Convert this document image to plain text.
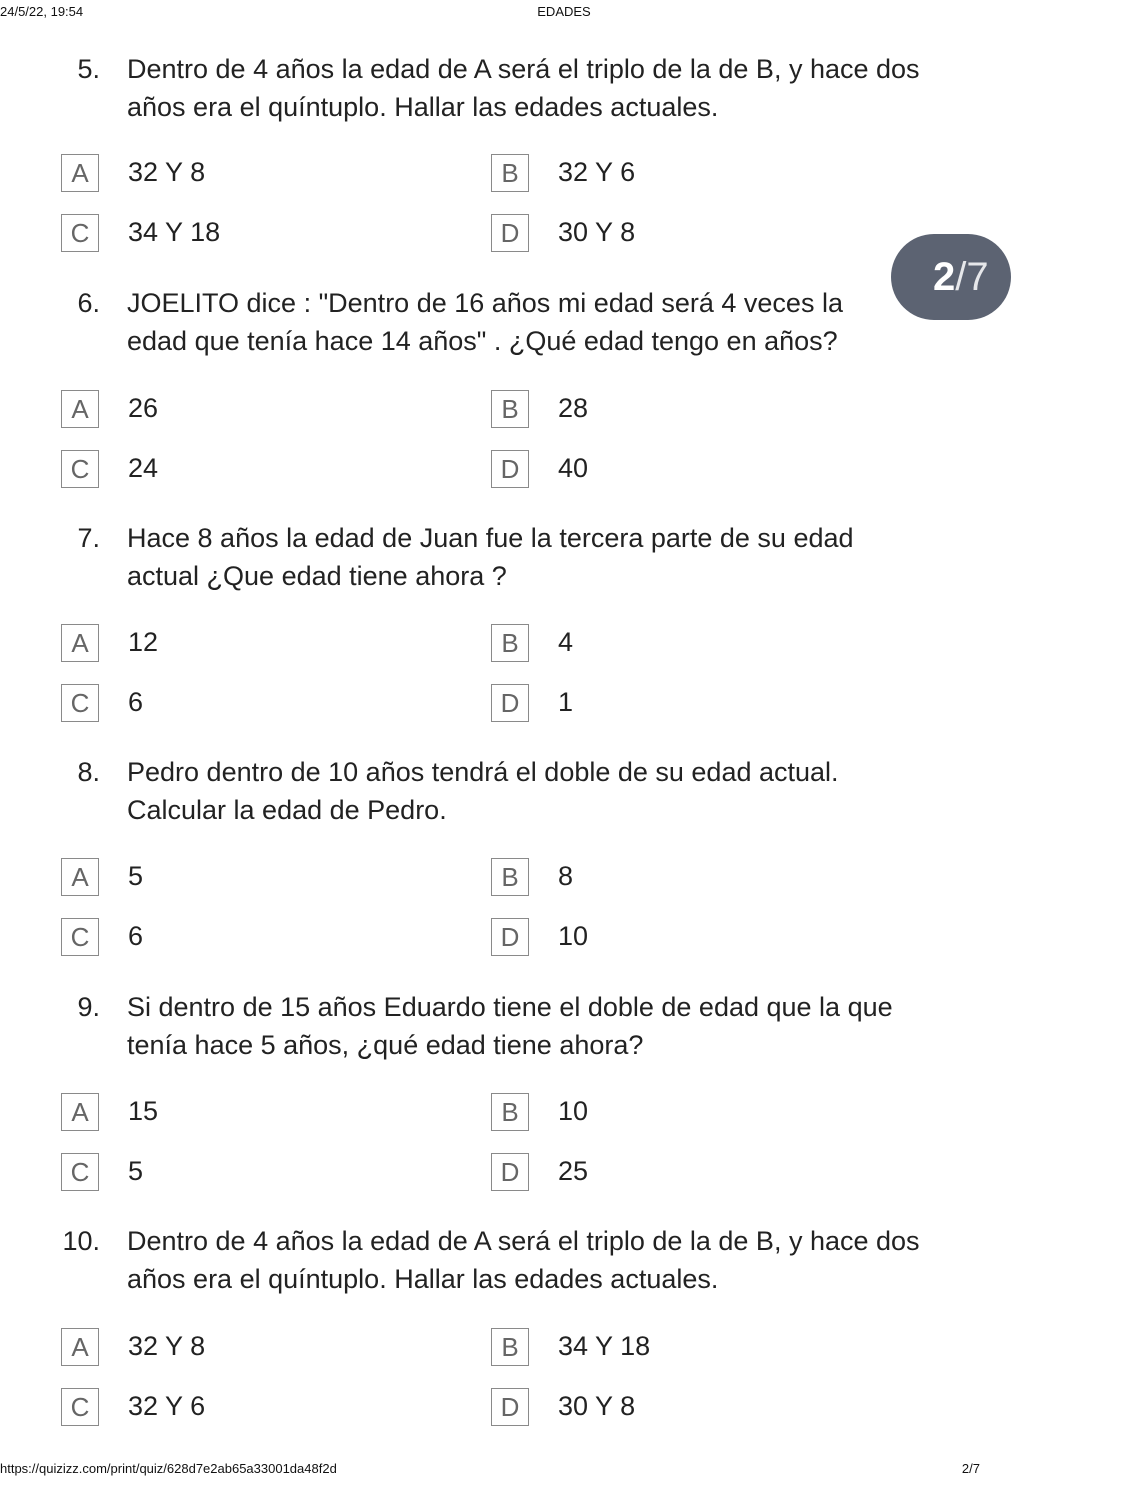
24/5/22, 19:54	EDADES
2/7
5. Dentro de 4 años la edad de A será el triplo de la de B, y hace dos años era el quíntuplo. Hallar las edades actuales.
A	32 Y 8	B	32 Y 6
C	34 Y 18	D	30 Y 8
6. JOELITO dice : "Dentro de 16 años mi edad será 4 veces la edad que tenía hace 14 años" . ¿Qué edad tengo en años?
A	26	B	28
C	24	D	40
7. Hace 8 años la edad de Juan fue la tercera parte de su edad actual ¿Que edad tiene ahora ?
A	12	B	4
C	6	D	1
8. Pedro dentro de 10 años tendrá el doble de su edad actual. Calcular la edad de Pedro.
A	5	B	8
C	6	D	10
9. Si dentro de 15 años Eduardo tiene el doble de edad que la que tenía hace 5 años, ¿qué edad tiene ahora?
A	15	B	10
C	5	D	25
10. Dentro de 4 años la edad de A será el triplo de la de B, y hace dos años era el quíntuplo. Hallar las edades actuales.
A	32 Y 8	B	34 Y 18
C	32 Y 6	D	30 Y 8
https://quizizz.com/print/quiz/628d7e2ab65a33001da48f2d	2/7
